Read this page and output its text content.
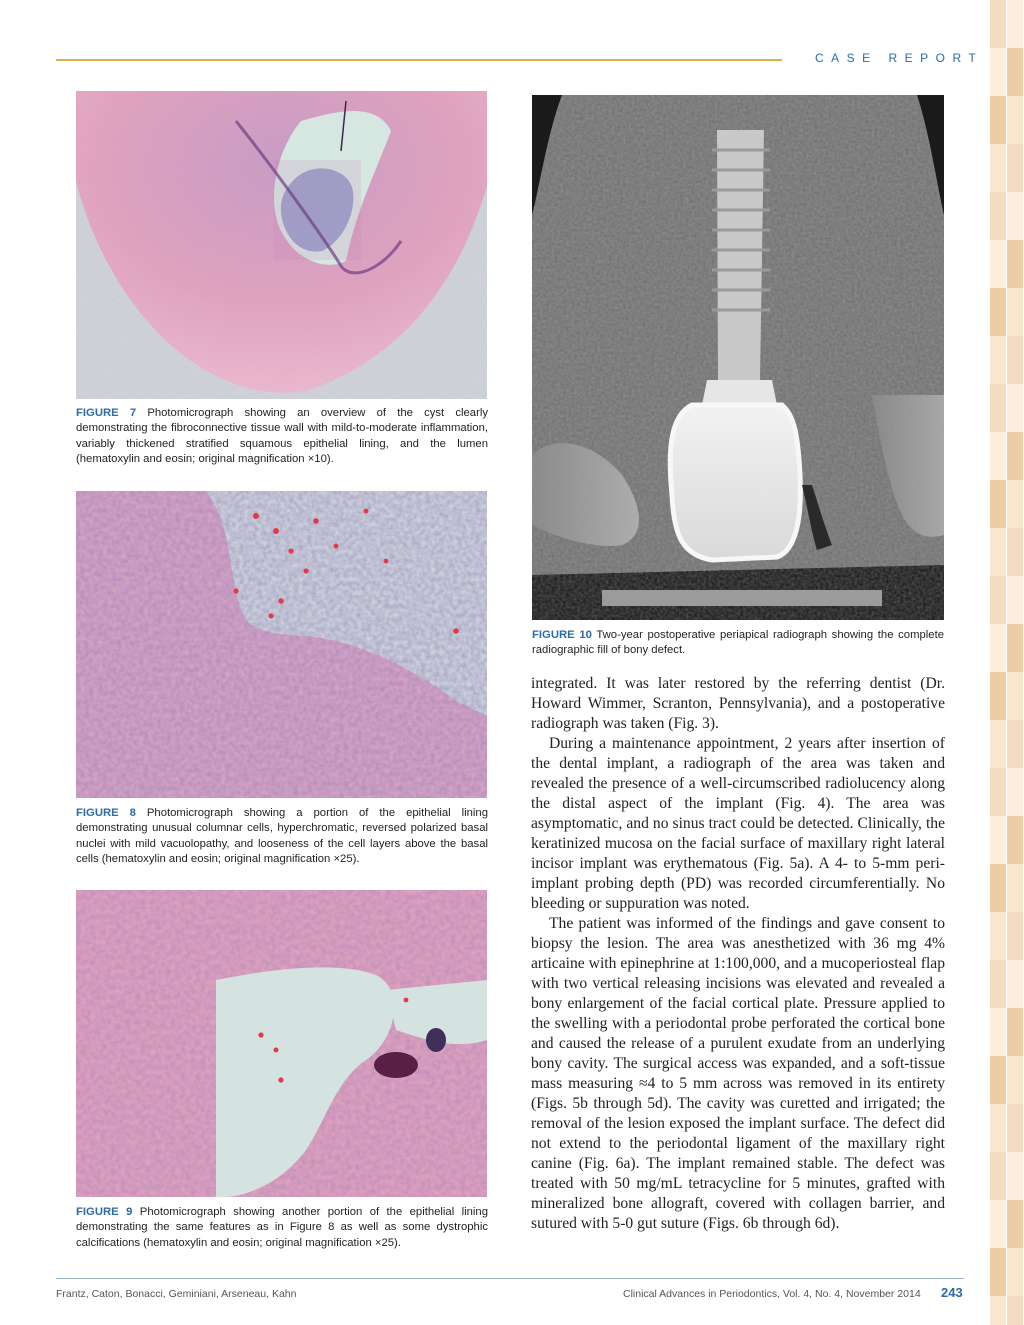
CASE REPORT
FIGURE 7 Photomicrograph showing an overview of the cyst clearly demonstrating the fibroconnective tissue wall with mild-to-moderate inflammation, variably thickened stratified squamous epithelial lining, and the lumen (hematoxylin and eosin; original magnification ×10).
FIGURE 8 Photomicrograph showing a portion of the epithelial lining demonstrating unusual columnar cells, hyperchromatic, reversed polarized basal nuclei with mild vacuolopathy, and looseness of the cell layers above the basal cells (hematoxylin and eosin; original magnification ×25).
FIGURE 9 Photomicrograph showing another portion of the epithelial lining demonstrating the same features as in Figure 8 as well as some dystrophic calcifications (hematoxylin and eosin; original magnification ×25).
FIGURE 10 Two-year postoperative periapical radiograph showing the complete radiographic fill of bony defect.

integrated. It was later restored by the referring dentist (Dr. Howard Wimmer, Scranton, Pennsylvania), and a postoperative radiograph was taken (Fig. 3).

During a maintenance appointment, 2 years after insertion of the dental implant, a radiograph of the area was taken and revealed the presence of a well-circumscribed radiolucency along the distal aspect of the implant (Fig. 4). The area was asymptomatic, and no sinus tract could be detected. Clinically, the keratinized mucosa on the facial surface of maxillary right lateral incisor implant was erythematous (Fig. 5a). A 4- to 5-mm peri-implant probing depth (PD) was recorded circumferentially. No bleeding or suppuration was noted.

The patient was informed of the findings and gave consent to biopsy the lesion. The area was anesthetized with 36 mg 4% articaine with epinephrine at 1:100,000, and a mucoperiosteal flap with two vertical releasing incisions was elevated and revealed a bony enlargement of the facial cortical plate. Pressure applied to the swelling with a periodontal probe perforated the cortical bone and caused the release of a purulent exudate from an underlying bony cavity. The surgical access was expanded, and a soft-tissue mass measuring ≈4 to 5 mm across was removed in its entirety (Figs. 5b through 5d). The cavity was curetted and irrigated; the removal of the lesion exposed the implant surface. The defect did not extend to the periodontal ligament of the maxillary right canine (Fig. 6a). The implant remained stable. The defect was treated with 50 mg/mL tetracycline for 5 minutes, grafted with mineralized bone allograft, covered with collagen barrier, and sutured with 5-0 gut suture (Figs. 6b through 6d).

Frantz, Caton, Bonacci, Geminiani, Arseneau, Kahn	Clinical Advances in Periodontics, Vol. 4, No. 4, November 2014 243
